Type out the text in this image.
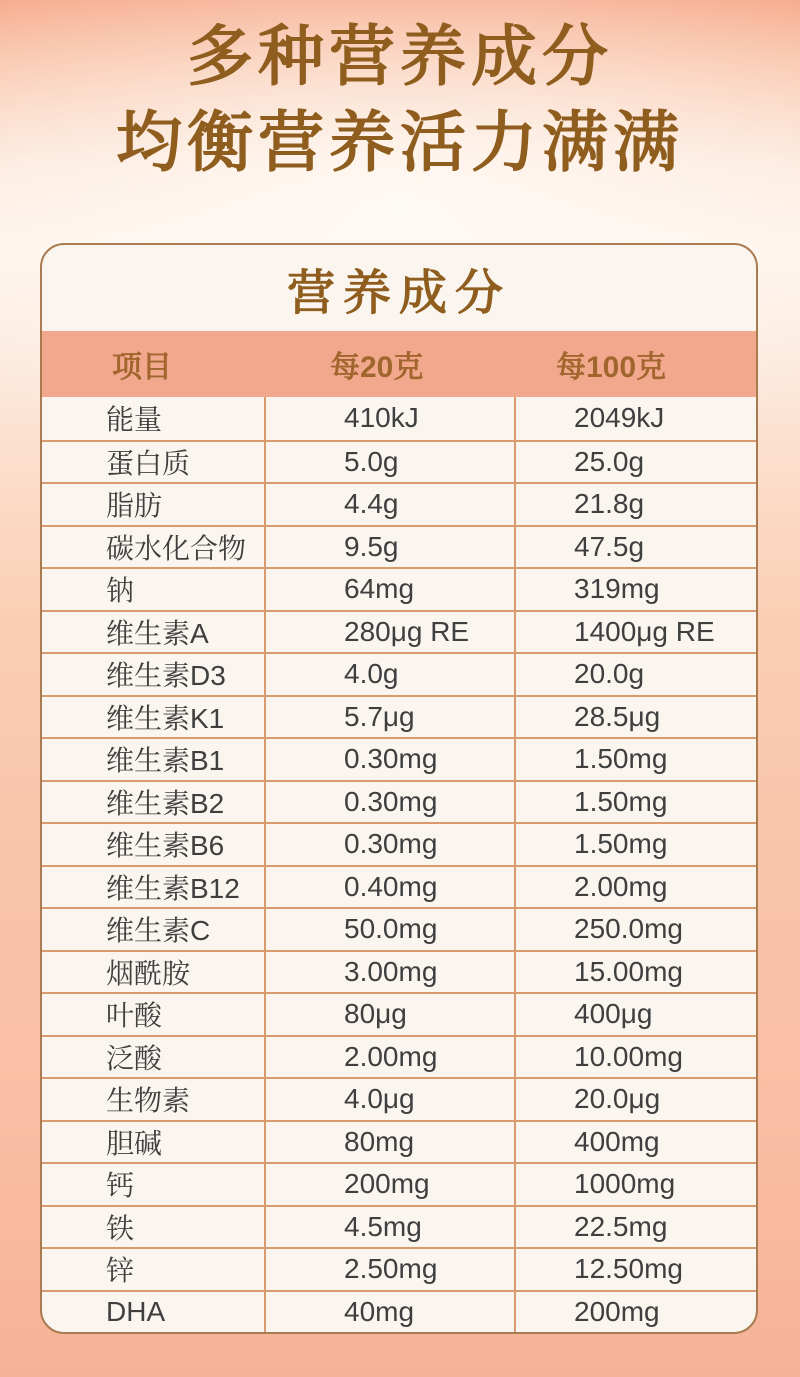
多种营养成分
均衡营养活力满满
营养成分
项目	每20克	每100克
能量	410kJ	2049kJ
蛋白质	5.0g	25.0g
脂肪	4.4g	21.8g
碳水化合物	9.5g	47.5g
钠	64mg	319mg
维生素A	280μg RE	1400μg RE
维生素D3	4.0g	20.0g
维生素K1	5.7μg	28.5μg
维生素B1	0.30mg	1.50mg
维生素B2	0.30mg	1.50mg
维生素B6	0.30mg	1.50mg
维生素B12	0.40mg	2.00mg
维生素C	50.0mg	250.0mg
烟酰胺	3.00mg	15.00mg
叶酸	80μg	400μg
泛酸	2.00mg	10.00mg
生物素	4.0μg	20.0μg
胆碱	80mg	400mg
钙	200mg	1000mg
铁	4.5mg	22.5mg
锌	2.50mg	12.50mg
DHA	40mg	200mg
